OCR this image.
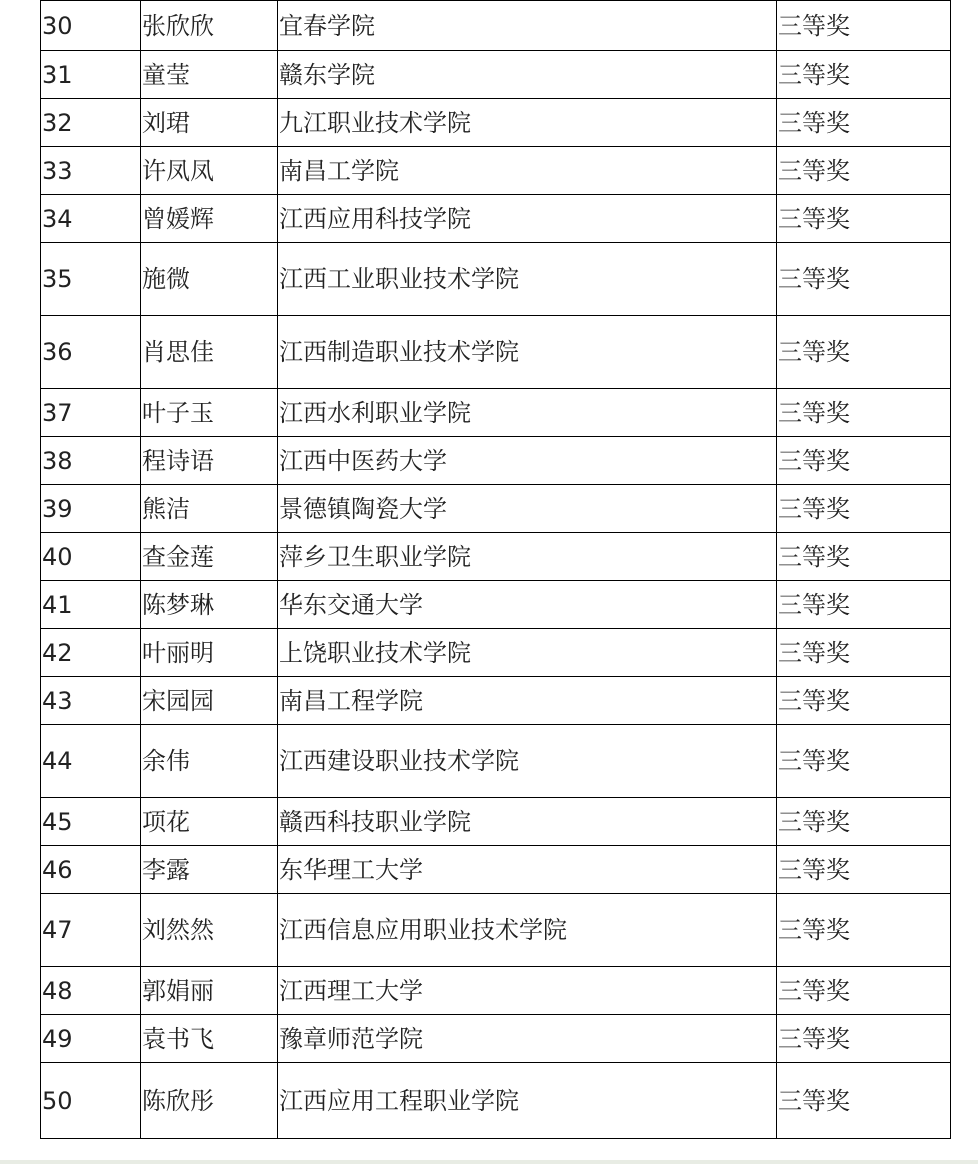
30	张欣欣	宜春学院	三等奖
31	童莹	赣东学院	三等奖
32	刘珺	九江职业技术学院	三等奖
33	许凤凤	南昌工学院	三等奖
34	曾媛辉	江西应用科技学院	三等奖
35	施微	江西工业职业技术学院	三等奖
36	肖思佳	江西制造职业技术学院	三等奖
37	叶子玉	江西水利职业学院	三等奖
38	程诗语	江西中医药大学	三等奖
39	熊洁	景德镇陶瓷大学	三等奖
40	查金莲	萍乡卫生职业学院	三等奖
41	陈梦琳	华东交通大学	三等奖
42	叶丽明	上饶职业技术学院	三等奖
43	宋园园	南昌工程学院	三等奖
44	余伟	江西建设职业技术学院	三等奖
45	项花	赣西科技职业学院	三等奖
46	李露	东华理工大学	三等奖
47	刘然然	江西信息应用职业技术学院	三等奖
48	郭娟丽	江西理工大学	三等奖
49	袁书飞	豫章师范学院	三等奖
50	陈欣彤	江西应用工程职业学院	三等奖
